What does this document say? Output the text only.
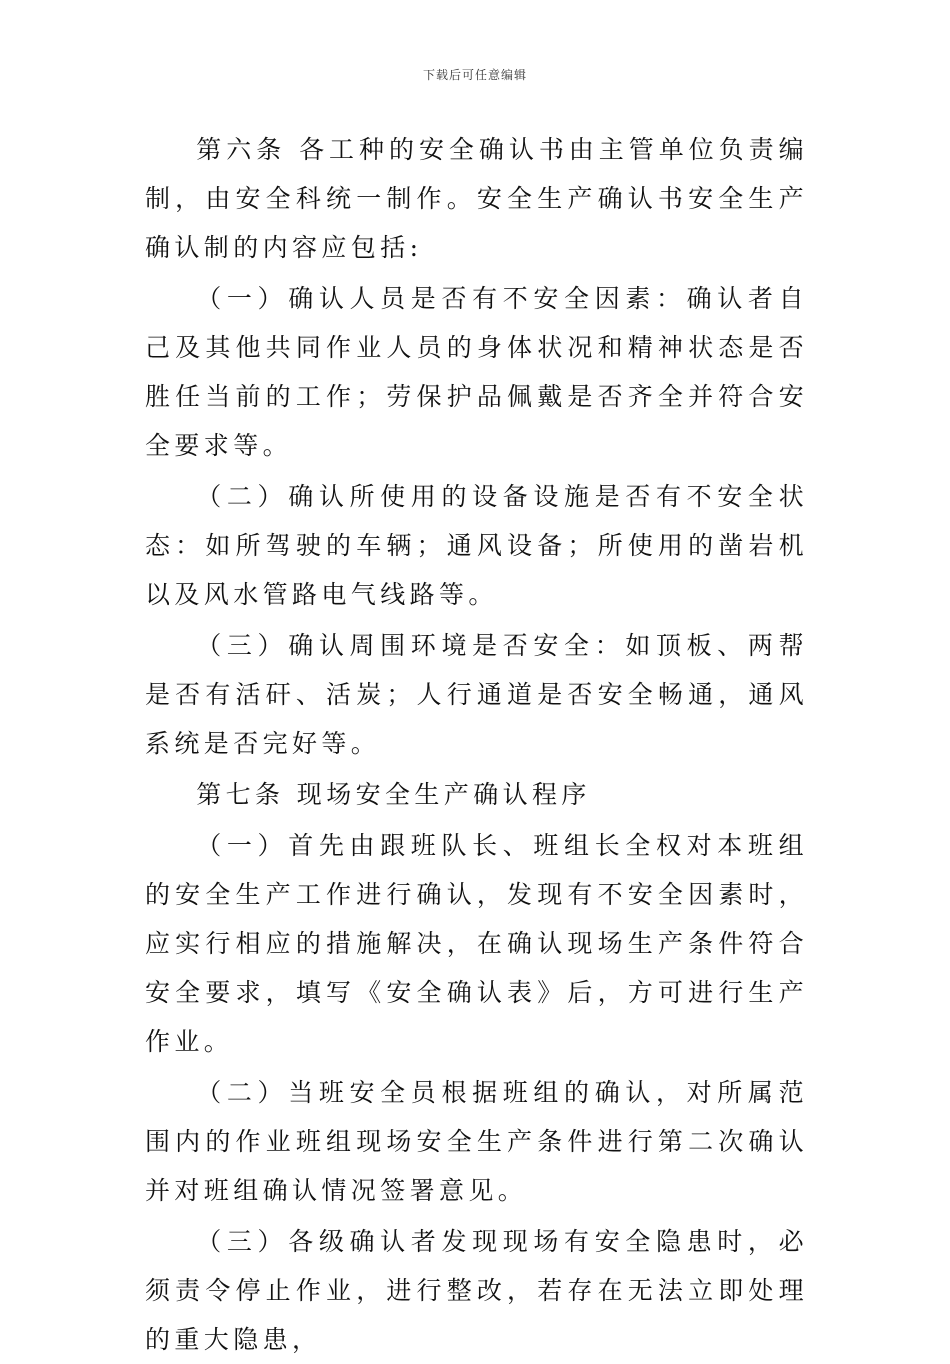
下载后可任意编辑

第六条 各工种的安全确认书由主管单位负责编制，由安全科统一制作。安全生产确认书安全生产确认制的内容应包括:

（一）确认人员是否有不安全因素：确认者自己及其他共同作业人员的身体状况和精神状态是否胜任当前的工作；劳保护品佩戴是否齐全并符合安全要求等。

（二）确认所使用的设备设施是否有不安全状态：如所驾驶的车辆；通风设备；所使用的凿岩机以及风水管路电气线路等。

（三）确认周围环境是否安全：如顶板、两帮是否有活矸、活炭；人行通道是否安全畅通，通风系统是否完好等。

第七条 现场安全生产确认程序

（一）首先由跟班队长、班组长全权对本班组的安全生产工作进行确认，发现有不安全因素时，应实行相应的措施解决，在确认现场生产条件符合安全要求，填写《安全确认表》后，方可进行生产作业。

（二）当班安全员根据班组的确认，对所属范围内的作业班组现场安全生产条件进行第二次确认并对班组确认情况签署意见。

（三）各级确认者发现现场有安全隐患时，必须责令停止作业，进行整改，若存在无法立即处理的重大隐患，
